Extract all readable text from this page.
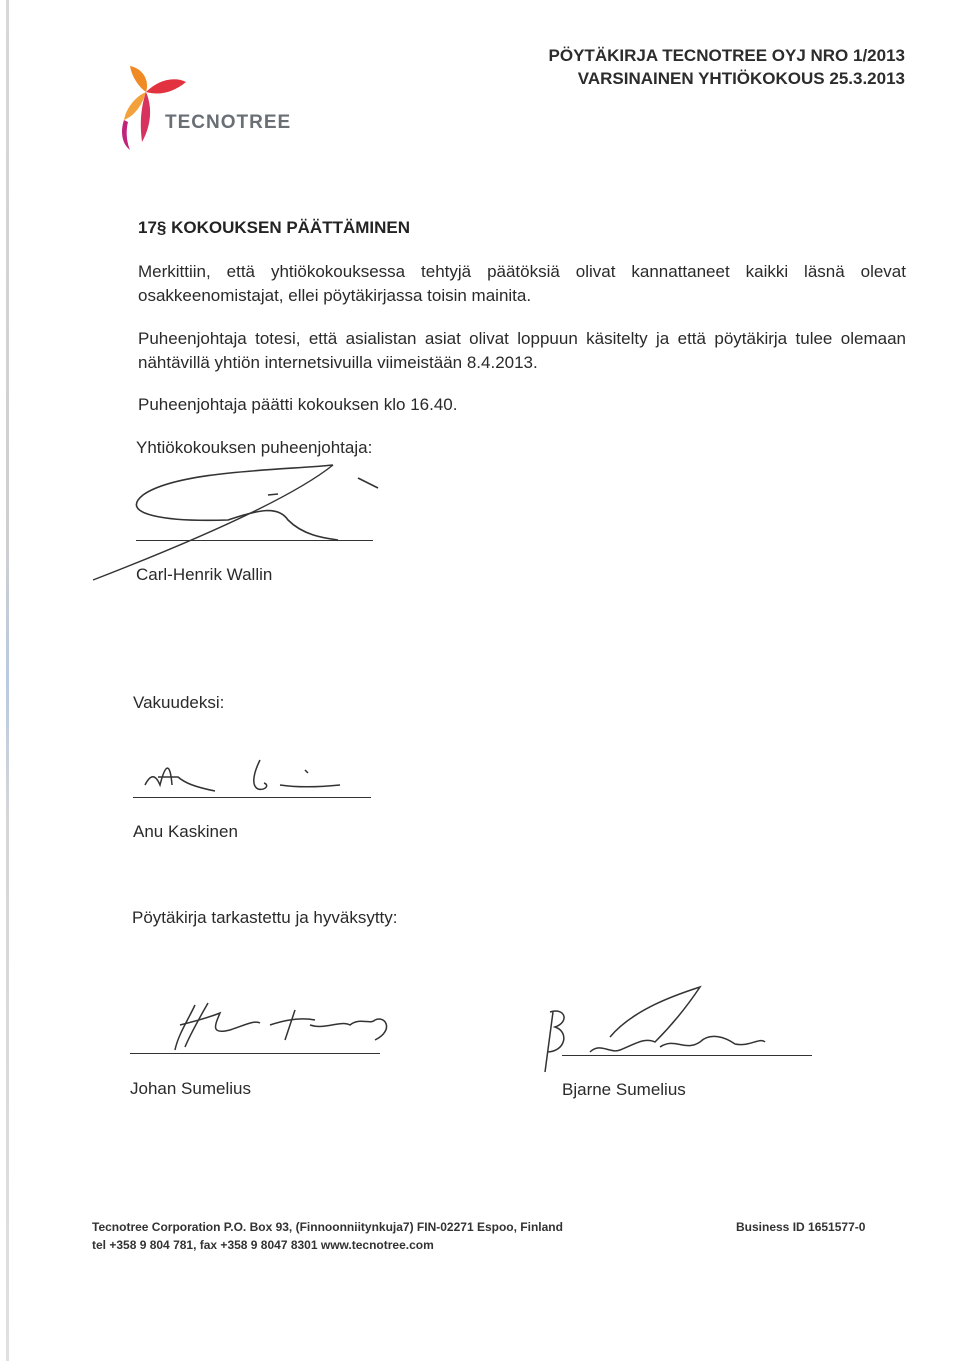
TECNOTREE
PÖYTÄKIRJA TECNOTREE OYJ NRO 1/2013
VARSINAINEN YHTIÖKOKOUS 25.3.2013
17§ KOKOUKSEN PÄÄTTÄMINEN
Merkittiin, että yhtiökokouksessa tehtyjä päätöksiä olivat kannattaneet kaikki läsnä olevat osakkeenomistajat, ellei pöytäkirjassa toisin mainita.
Puheenjohtaja totesi, että asialistan asiat olivat loppuun käsitelty ja että pöytäkirja tulee olemaan nähtävillä yhtiön internetsivuilla viimeistään 8.4.2013.
Puheenjohtaja päätti kokouksen klo 16.40.
Yhtiökokouksen puheenjohtaja:
Carl-Henrik Wallin
Vakuudeksi:
Anu Kaskinen
Pöytäkirja tarkastettu ja hyväksytty:
Johan Sumelius	Bjarne Sumelius
Tecnotree Corporation P.O. Box 93, (Finnoonniitynkuja7) FIN-02271 Espoo, Finland
tel +358 9 804 781, fax +358 9 8047 8301 www.tecnotree.com
Business ID 1651577-0
